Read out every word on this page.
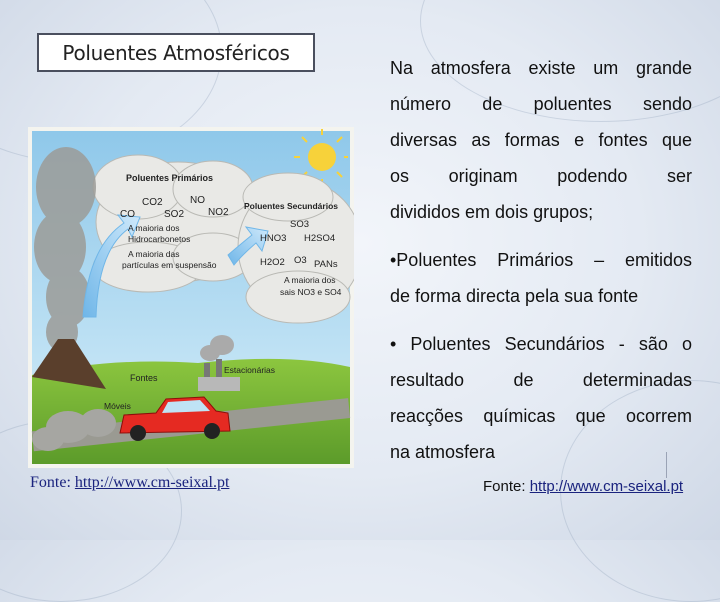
Poluentes Atmosféricos
Poluentes Primários
CO2	NO
CO	SO2 NO2
A maioria dos
Hidrocarbonetos
A maioria das
partículas em suspensão
Poluentes Secundários
SO3
HNO3 H2SO4
H2O2 O3 PANs
A maioria dos
sais NO3 e SO4
Fontes
Estacionárias
Móveis

Na atmosfera existe um grande

número de poluentes sendo

diversas as formas e fontes que

os originam podendo ser

divididos em dois grupos;

•Poluentes Primários – emitidos

de forma directa pela sua fonte

• Poluentes Secundários - são o

resultado de determinadas

reacções químicas que ocorrem

na atmosfera

Fonte: http://www.cm-seixal.pt	Fonte: http://www.cm-seixal.pt
